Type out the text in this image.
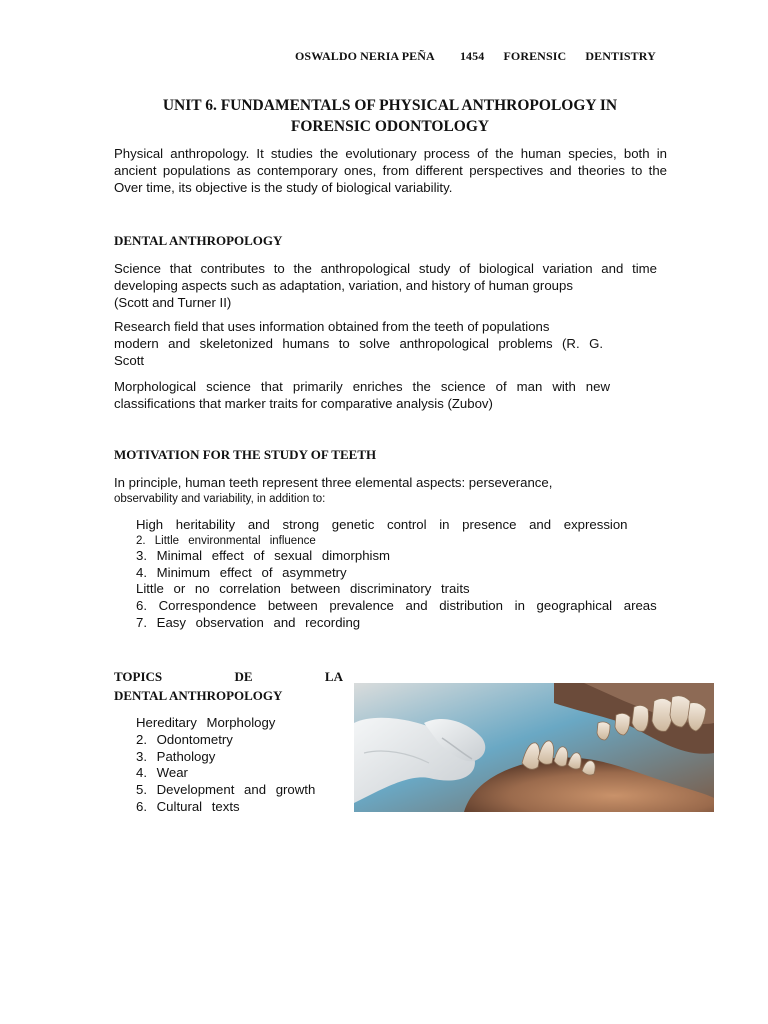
OSWALDO NERIA PEÑA 1454 FORENSIC DENTISTRY
UNIT 6. FUNDAMENTALS OF PHYSICAL ANTHROPOLOGY IN
FORENSIC ODONTOLOGY
Physical anthropology. It studies the evolutionary process of the human species, both in
ancient populations as contemporary ones, from different perspectives and theories to the
Over time, its objective is the study of biological variability.
DENTAL ANTHROPOLOGY
Science that contributes to the anthropological study of biological variation and time
developing aspects such as adaptation, variation, and history of human groups
(Scott and Turner II)
Research field that uses information obtained from the teeth of populations
modern and skeletonized humans to solve anthropological problems (R. G.
Scott
Morphological science that primarily enriches the science of man with new
classifications that marker traits for comparative analysis (Zubov)
MOTIVATION FOR THE STUDY OF TEETH
In principle, human teeth represent three elemental aspects: perseverance,
observability and variability, in addition to:
High heritability and strong genetic control in presence and expression
2. Little environmental influence
3. Minimal effect of sexual dimorphism
4. Minimum effect of asymmetry
Little or no correlation between discriminatory traits
6. Correspondence between prevalence and distribution in geographical areas
7. Easy observation and recording
TOPICS	DE	LA
DENTAL ANTHROPOLOGY
Hereditary Morphology
2. Odontometry
3. Pathology
4. Wear
5. Development and growth
6. Cultural texts
